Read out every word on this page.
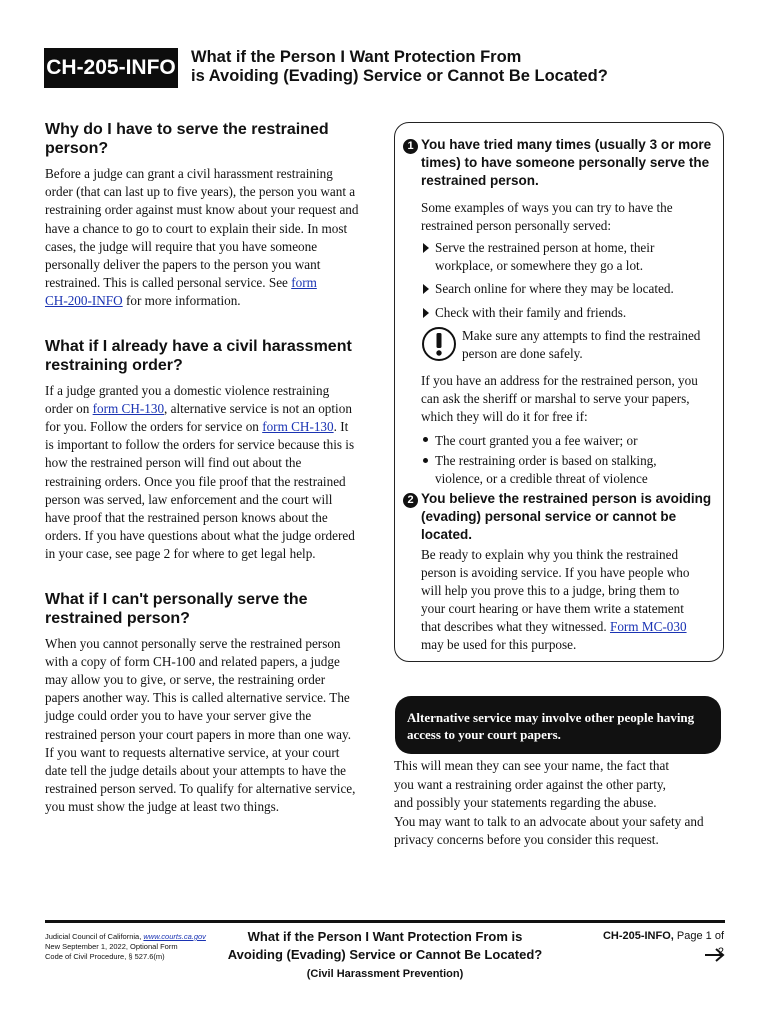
CH-205-INFO What if the Person I Want Protection From
is Avoiding (Evading) Service or Cannot Be Located?
Why do I have to serve the restrained
person?

Before a judge can grant a civil harassment restraining
order (that can last up to five years), the person you want a
restraining order against must know about your request and
have a chance to go to court to explain their side. In most
cases, the judge will require that you have someone
personally deliver the papers to the person you want
restrained. This is called personal service. See form
CH-200-INFO for more information.

What if I already have a civil harassment
restraining order?

If a judge granted you a domestic violence restraining
order on form CH-130, alternative service is not an option
for you. Follow the orders for service on form CH-130. It
is important to follow the orders for service because this is
how the restrained person will find out about the
restraining orders. Once you file proof that the restrained
person was served, law enforcement and the court will
have proof that the restrained person knows about the
orders. If you have questions about what the judge ordered
in your case, see page 2 for where to get legal help.

What if I can't personally serve the
restrained person?

When you cannot personally serve the restrained person
with a copy of form CH-100 and related papers, a judge
may allow you to give, or serve, the restraining order
papers another way. This is called alternative service. The
judge could order you to have your server give the
restrained person your court papers in more than one way.
If you want to requests alternative service, at your court
date tell the judge details about your attempts to have the
restrained person served. To qualify for alternative service,
you must show the judge at least two things.

1 You have tried many times (usually 3 or more
times) to have someone personally serve the
restrained person.
Some examples of ways you can try to have the
restrained person personally served:
Serve the restrained person at home, their
workplace, or somewhere they go a lot.
Search online for where they may be located.
Check with their family and friends.
Make sure any attempts to find the restrained
person are done safely.
If you have an address for the restrained person, you
can ask the sheriff or marshal to serve your papers,
which they will do it for free if:
The court granted you a fee waiver; or
The restraining order is based on stalking,
violence, or a credible threat of violence
2 You believe the restrained person is avoiding
(evading) personal service or cannot be
located.
Be ready to explain why you think the restrained
person is avoiding service. If you have people who
will help you prove this to a judge, bring them to
your court hearing or have them write a statement
that describes what they witnessed. Form MC-030
may be used for this purpose.
Alternative service may involve other people having
access to your court papers.
This will mean they can see your name, the fact that
you want a restraining order against the other party,
and possibly your statements regarding the abuse.
You may want to talk to an advocate about your safety and
privacy concerns before you consider this request.
Judicial Council of California, www.courts.ca.gov
New September 1, 2022, Optional Form
Code of Civil Procedure, § 527.6(m)
What if the Person I Want Protection From is
Avoiding (Evading) Service or Cannot Be Located?
(Civil Harassment Prevention)
CH-205-INFO, Page 1 of 2
